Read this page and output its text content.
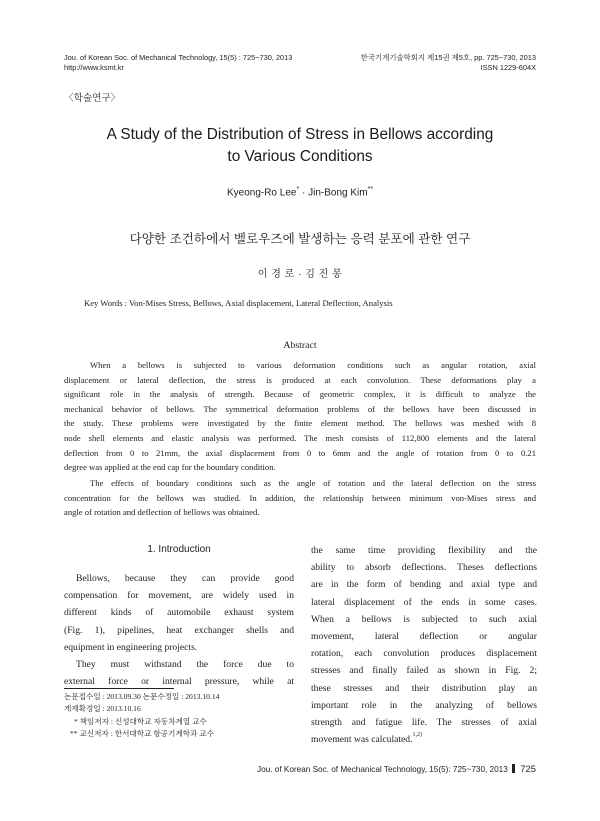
Jou. of Korean Soc. of Mechanical Technology, 15(5) : 725~730, 2013
http://www.ksmt.kr
한국기계기술학회지 제15권 제5호, pp. 725~730, 2013
ISSN 1229-604X
〈학술연구〉
A Study of the Distribution of Stress in Bellows according
to Various Conditions
Kyeong-Ro Lee* · Jin-Bong Kim**
다양한 조건하에서 벨로우즈에 발생하는 응력 분포에 관한 연구
이 경 로 · 김 진 봉
Key Words : Von-Mises Stress, Bellows, Axial displacement, Lateral Deflection, Analysis
Abstract
When a bellows is subjected to various deformation conditions such as angular rotation, axial
displacement or lateral deflection, the stress is produced at each convolution. These deformations play a
significant role in the analysis of strength. Because of geometric complex, it is difficult to analyze the
mechanical behavior of bellows. The symmetrical deformation problems of the bellows have been discussed in
the study. These problems were investigated by the finite element method. The bellows was meshed with 8
node shell elements and elastic analysis was performed. The mesh consists of 112,800 elements and the lateral
deflection from 0 to 21mm, the axial displacement from 0 to 6mm and the angle of rotation from 0 to 0.21
degree was applied at the end cap for the boundary condition.
The effects of boundary conditions such as the angle of rotation and the lateral deflection on the stress
concentration for the bellows was studied. In addition, the relationship between minimum von-Mises stress and
angle of rotation and deflection of bellows was obtained.
1. Introduction
Bellows, because they can provide good
compensation for movement, are widely used in
different kinds of automobile exhaust system
(Fig. 1), pipelines, heat exchanger shells and
equipment in engineering projects.
They must withstand the force due to
external force or internal pressure, while at
논문접수일 : 2013.09.30 논문수정일 : 2013.10.14
게재확정일 : 2013.10.16
* 책임저자 : 신성대학교 자동차계열 교수
** 교신저자 : 한서대학교 항공기계학과 교수
the same time providing flexibility and the
ability to absorb deflections. Theses deflections
are in the form of bending and axial type and
lateral displacement of the ends in some cases.
When a bellows is subjected to such axial
movement, lateral deflection or angular
rotation, each convolution produces displacement
stresses and finally failed as shown in Fig. 2;
these stresses and their distribution play an
important role in the analyzing of bellows
strength and fatigue life. The stresses of axial
movement was calculated.$^{1,2)}$
Jou. of Korean Soc. of Mechanical Technology, 15(5): 725~730, 2013 725
